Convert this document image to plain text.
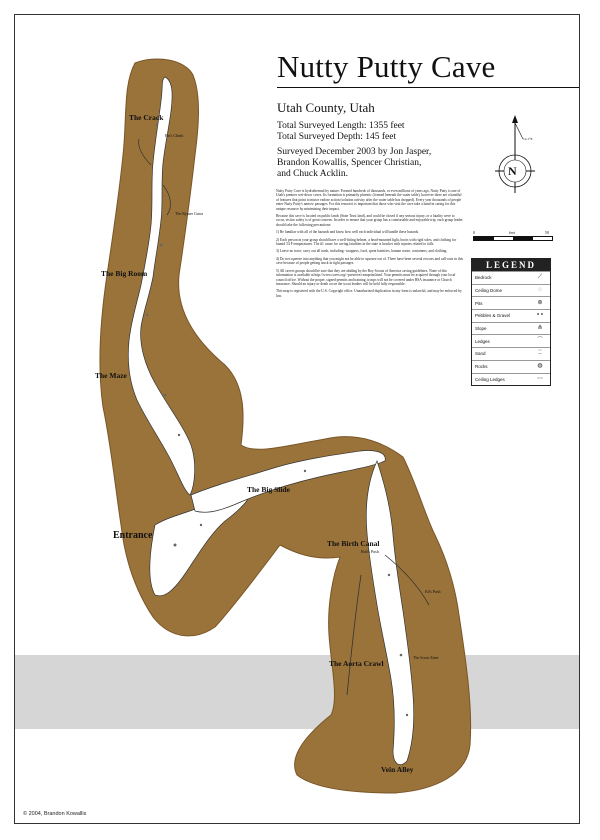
The Crack
Fat's Climb
The Rymer Gator
The Big Room
The Maze
The Big Slide
Entrance
The Birth Canal
Bob's Push
Ed's Push
The Aorta Crawl
The Scout Eater
Vein Alley
Nutty Putty Cave
Utah County, Utah
Total Surveyed Length: 1355 feet
Total Surveyed Depth: 145 feet
Surveyed December 2003 by Jon Jasper, Brandon Kowallis, Spencer Christian, and Chuck Acklin.

Nutty Putty Cave is hydrothermal by nature. Formed hundreds of thousands, or even millions of years ago, Nutty Putty is one of Utah's premier wet-decor caves. Its formation is primarily phreatic (formed beneath the water table), however there are a handful of features that point to minor vadose action (solution activity after the water table has dropped). Every year thousands of people enter Nutty Putty's narrow passages. For this reason it is important that those who visit the cave take a hand in caring for this unique resource by minimizing their impact.

Because this cave is located on public lands (State Trust land), and could be closed if any serious injury, or a fatality were to occur, visitor safety is of great concern. In order to ensure that your group has a comfortable and enjoyable trip, each group leader should take the following precautions:

1) Be familiar with all of the hazards and know how well each individual will handle these hazards.

2) Each person in your group should have a well-fitting helmet, a head-mounted light, boots with rigid soles, and clothing for humid 54 F temperatures. The #1 cause for caving fatalities in the state is bracket with injuries related to falls.

3) Leave no trace; carry out all trash, including: wrappers, food, spent batteries, human waste, containers, and clothing.

4) Do not squeeze into anything that you might not be able to squeeze out of. There have been several rescues and call-outs in this cave because of people getting stuck in tight passages.

5) All cavers groups should be sure that they are abiding by the Boy Scouts of America caving guidelines. None of this information is available at http://www.caves.org/~preserve/ceauprint.html. Your permits must be acquired through your local council office. Without the proper, signed permits and training, troops will not be covered under BSA insurance or Church insurance. Should an injury or death occur the scout leaders will be held fully responsible.

This map is registered with the U.S. Copyright office. Unauthorized duplication in any form is unlawful, and may be enforced by law.

N
14.1°E
0	feet	50
LEGEND
Bedrock	⟋
Ceiling Dome	◌
Pits	⊚
Pebbles & Gravel	∘∘
Slope	⋔
Ledges	⌒
Sand	⁚⁚
Rocks	◍
Ceiling Ledges	⋯
© 2004, Brandon Kowallis
